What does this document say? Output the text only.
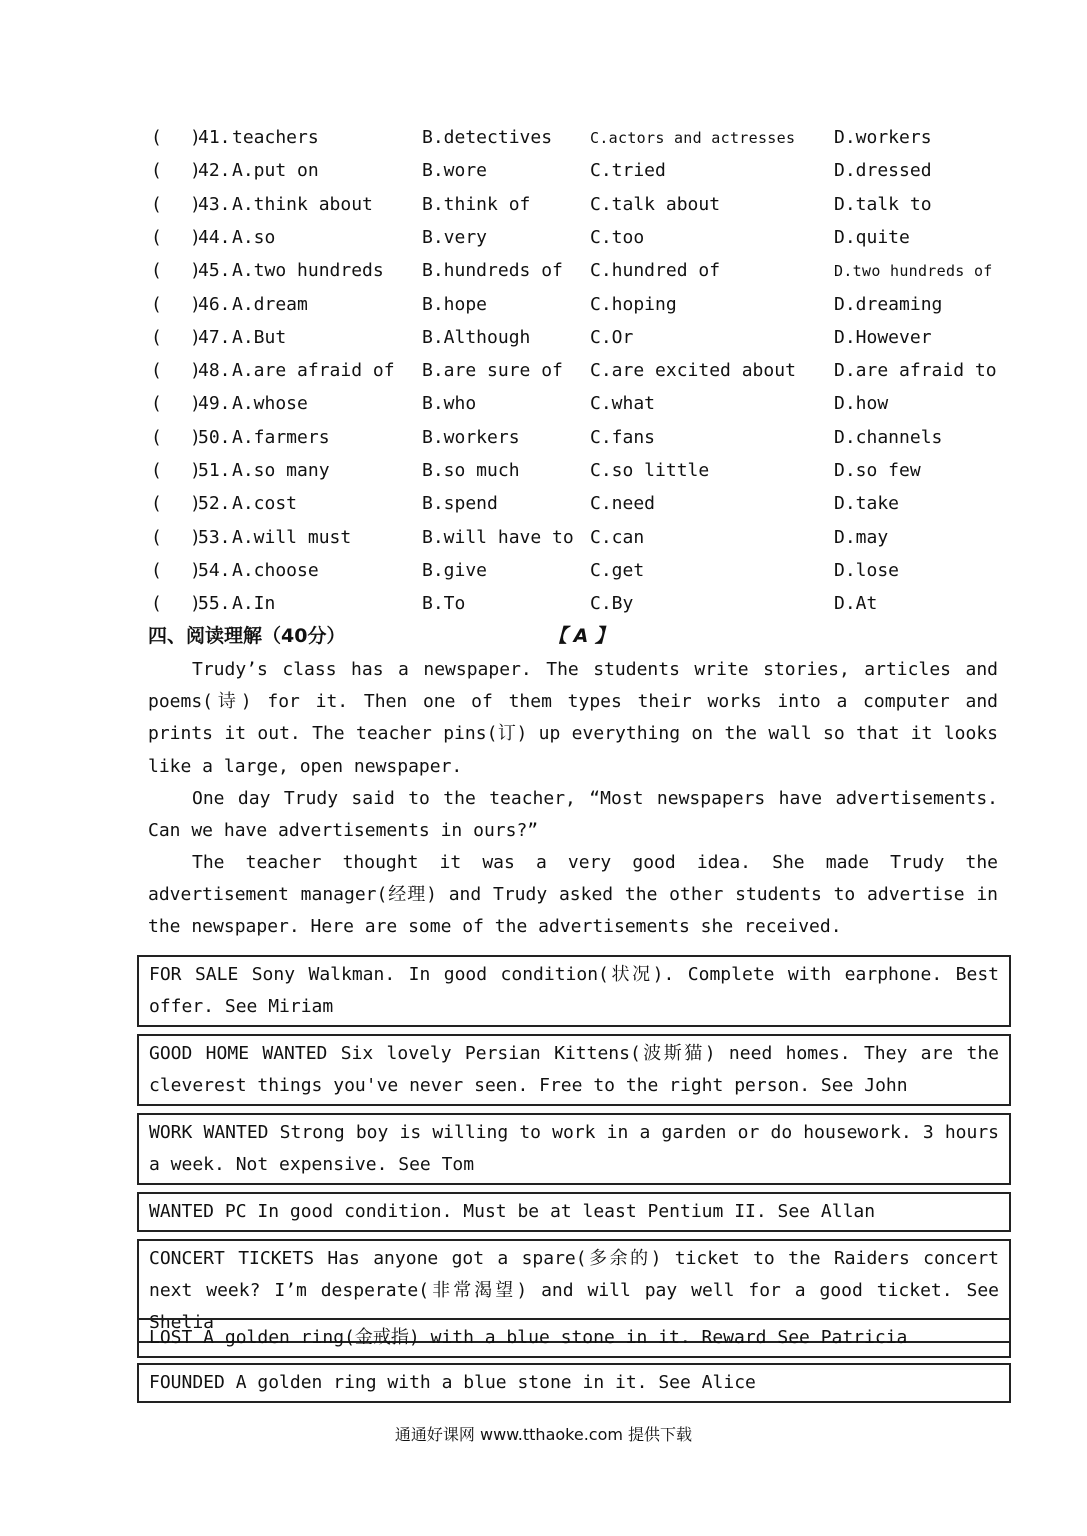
( )
41. teachers	B.detectives	C.actors and actresses D.workers
( )
42. A.put on	B.wore	C.tried	D.dressed
( )
43. A.think about	B.think of	C.talk about	D.talk to
( )
44. A.so	B.very	C.too	D.quite
( )
45. A.two hundreds B.hundreds of C.hundred of	D.two hundreds of
( )
46. A.dream	B.hope	C.hoping	D.dreaming
( )
47. A.But	B.Although	C.Or	D.However
( )
48. A.are afraid of B.are sure of C.are excited about D.are afraid to
( )
49. A.whose	B.who	C.what	D.how
( )
50. A.farmers	B.workers	C.fans	D.channels
( )
51. A.so many	B.so much	C.so little	D.so few
( )
52. A.cost	B.spend	C.need	D.take
( )
53. A.will must	B.will have to C.can	D.may
( )
54. A.choose	B.give	C.get	D.lose
( )
55. A.In	B.To	C.By	D.At
四、阅读理解（40分）	【 A 】

Trudy’s class has a newspaper. The students write stories, articles and poems(诗) for it. Then one of them types their works into a computer and prints it out. The teacher pins(订) up everything on the wall so that it looks like a large, open newspaper.

One day Trudy said to the teacher, “Most newspapers have advertisements. Can we have advertisements in ours?”

The teacher thought it was a very good idea. She made Trudy the advertisement manager(经理) and Trudy asked the other students to advertise in the newspaper. Here are some of the advertisements she received.

FOR SALE Sony Walkman. In good condition(状况). Complete with earphone. Best offer. See Miriam
GOOD HOME WANTED Six lovely Persian Kittens(波斯猫) need homes. They are the cleverest things you've never seen. Free to the right person. See John
WORK WANTED Strong boy is willing to work in a garden or do housework. 3 hours a week. Not expensive. See Tom
WANTED PC In good condition. Must be at least Pentium II. See Allan
CONCERT TICKETS Has anyone got a spare(多余的) ticket to the Raiders concert next week? I’m desperate(非常渴望) and will pay well for a good ticket. See Shelia
LOST A golden ring(金戒指) with a blue stone in it. Reward See Patricia
FOUNDED A golden ring with a blue stone in it. See Alice
通通好课网 www.tthaoke.com 提供下载
